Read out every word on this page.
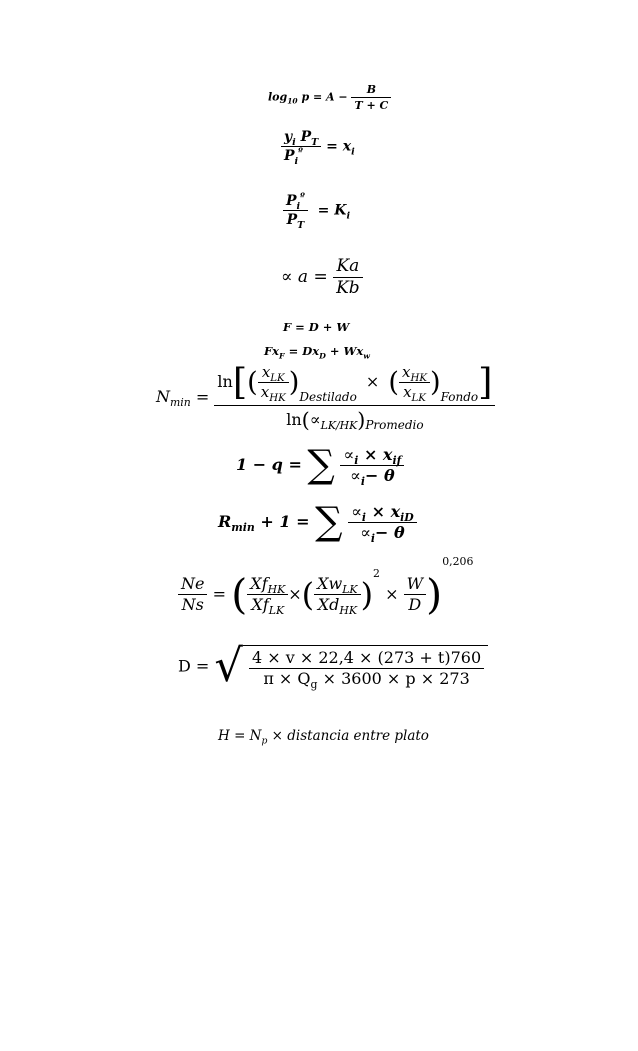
$\log_{10} p = A - \frac{B}{T + C}$
$\frac{y_i P_T}{P_i^º} = x_i$
$\frac{P_i^º}{P_T} = K_i$
∝ $a = \frac{Ka}{Kb}$
F = D + W
$Fx_F = Dx_D + Wx_w$
$N_{min} = \frac{\ln[( \frac{x_{LK}}{x_{HK}} )_{Destilado} \times ( \frac{x_{HK}}{x_{LK}} )_{Fondo}]}{\ln(\propto_{LK/HK})_{Promedio}}$
1 − q = ∑ $\frac{\propto_i \times x_{if}}{\propto_i- \theta}$
$R_{min} + 1$ = ∑ $\frac{\propto_i \times x_{iD}}{\propto_i- \theta}$
$\frac{Ne}{Ns}$ = ( $\frac{Xf_{HK}}{Xf_{LK}}$ ×( $\frac{Xw_{LK}}{Xd_{HK}} )^2 \times \frac{W}{D} )^{0,206}$
D = √ $\frac{4 \times v \times 22,4 \times (273 + t)760}{\pi \times Q_g \times 3600 \times p \times 273}$
$H = N_p$ × distancia entre plato
